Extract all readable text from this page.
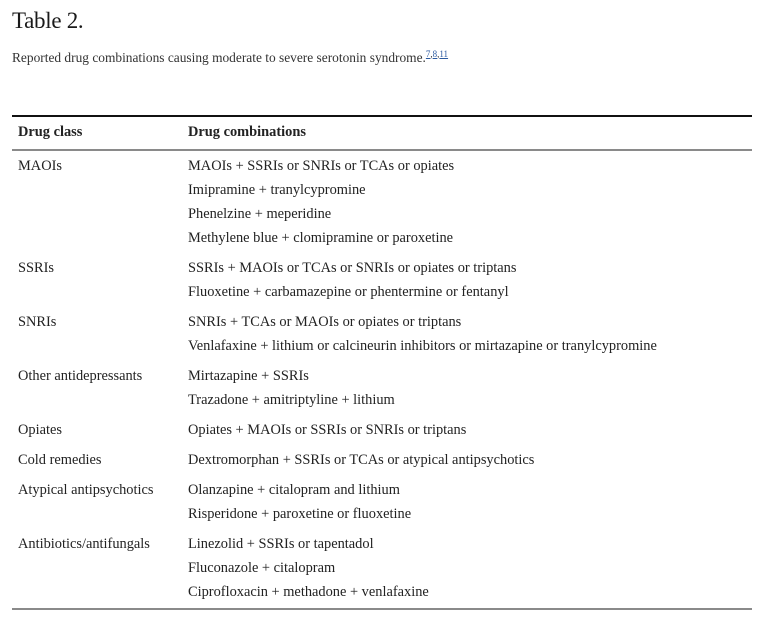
Table 2.
Reported drug combinations causing moderate to severe serotonin syndrome.$^{7,8,11}$
Drug class	Drug combinations
MAOIs	MAOIs + SSRIs or SNRIs or TCAs or opiates
Imipramine + tranylcypromine
Phenelzine + meperidine
Methylene blue + clomipramine or paroxetine

SSRIs	SSRIs + MAOIs or TCAs or SNRIs or opiates or triptans
Fluoxetine + carbamazepine or phentermine or fentanyl

SNRIs	SNRIs + TCAs or MAOIs or opiates or triptans
Venlafaxine + lithium or calcineurin inhibitors or mirtazapine or tranylcypromine

Other antidepressants	Mirtazapine + SSRIs
Trazadone + amitriptyline + lithium

Opiates	Opiates + MAOIs or SSRIs or SNRIs or triptans

Cold remedies	Dextromorphan + SSRIs or TCAs or atypical antipsychotics

Atypical antipsychotics	Olanzapine + citalopram and lithium
Risperidone + paroxetine or fluoxetine

Antibiotics/antifungals	Linezolid + SSRIs or tapentadol
Fluconazole + citalopram
Ciprofloxacin + methadone + venlafaxine
